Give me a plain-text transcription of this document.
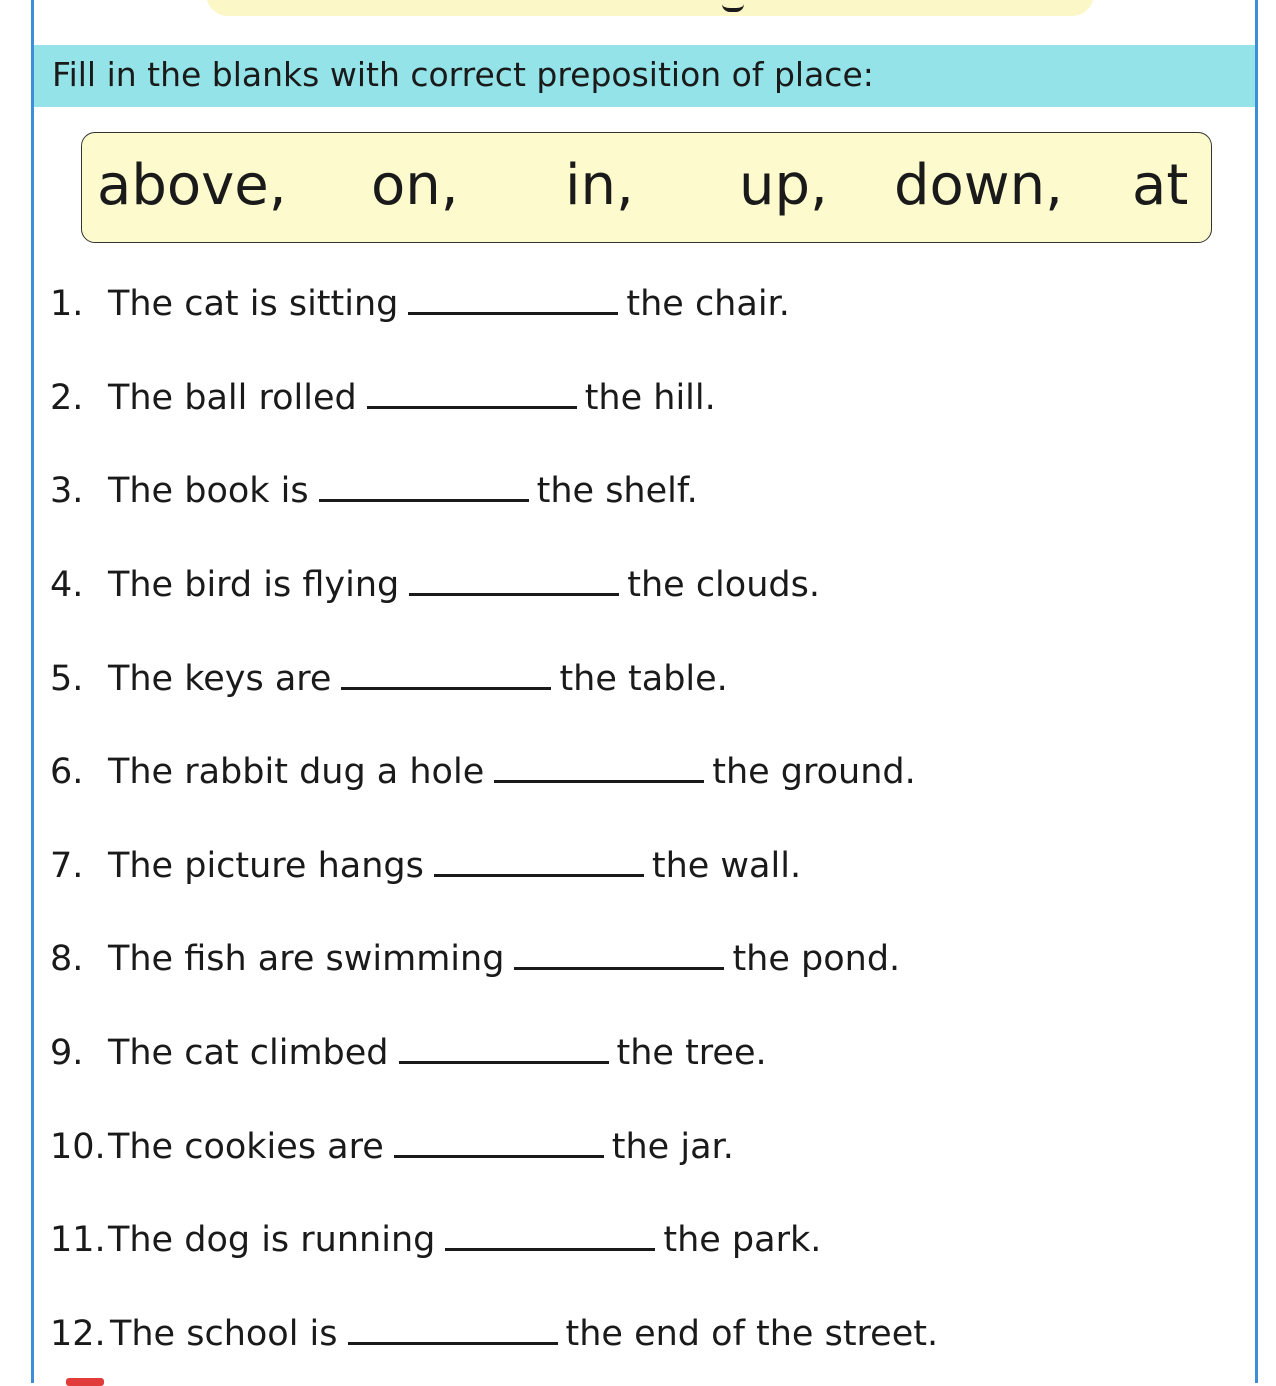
Fill in the blanks with correct preposition of place:
above, on, in, up, down, at
1. The cat is sitting	the chair.
2. The ball rolled	the hill.
3. The book is	the shelf.
4. The bird is flying	the clouds.
5. The keys are	the table.
6. The rabbit dug a hole	the ground.
7. The picture hangs	the wall.
8. The fish are swimming	the pond.
9. The cat climbed	the tree.
10.The cookies are	the jar.
11.The dog is running	the park.
12. The school is	the end of the street.
